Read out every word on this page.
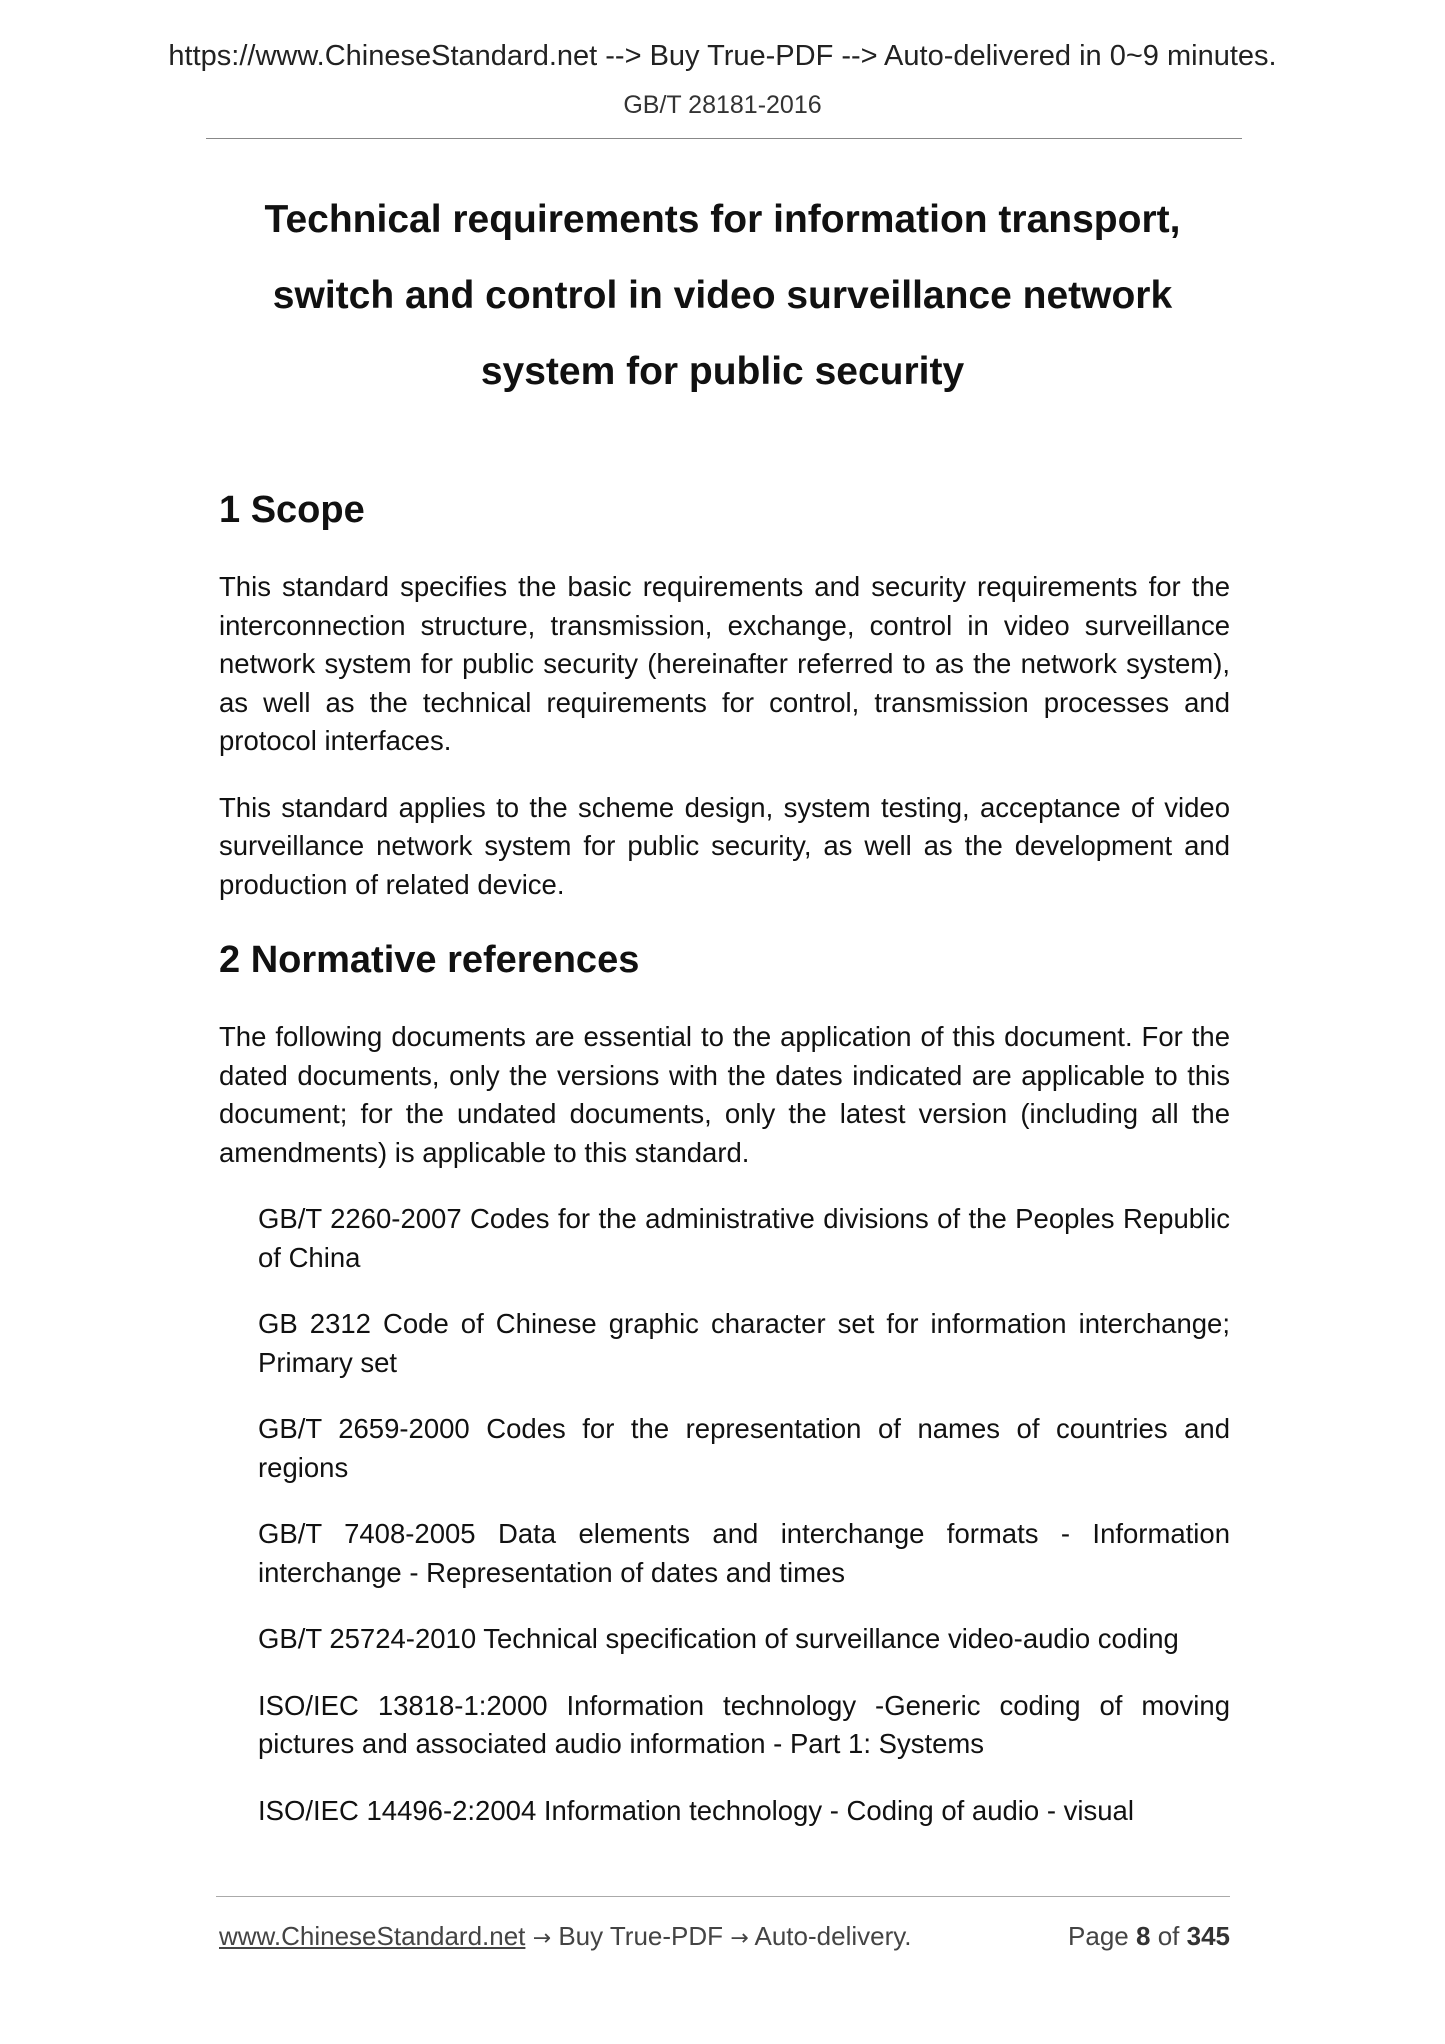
https://www.ChineseStandard.net --> Buy True-PDF --> Auto-delivered in 0~9 minutes.
GB/T 28181-2016
Technical requirements for information transport,
switch and control in video surveillance network
system for public security
1 Scope

This standard specifies the basic requirements and security requirements for the interconnection structure, transmission, exchange, control in video surveillance network system for public security (hereinafter referred to as the network system), as well as the technical requirements for control, transmission processes and protocol interfaces.

This standard applies to the scheme design, system testing, acceptance of video surveillance network system for public security, as well as the development and production of related device.

2 Normative references

The following documents are essential to the application of this document. For the dated documents, only the versions with the dates indicated are applicable to this document; for the undated documents, only the latest version (including all the amendments) is applicable to this standard.

GB/T 2260-2007 Codes for the administrative divisions of the Peoples Republic of China

GB 2312 Code of Chinese graphic character set for information interchange; Primary set

GB/T 2659-2000 Codes for the representation of names of countries and regions

GB/T 7408-2005 Data elements and interchange formats - Information interchange - Representation of dates and times

GB/T 25724-2010 Technical specification of surveillance video-audio coding

ISO/IEC 13818-1:2000 Information technology -Generic coding of moving pictures and associated audio information - Part 1: Systems

ISO/IEC 14496-2:2004 Information technology - Coding of audio - visual

www.ChineseStandard.net → Buy True-PDF → Auto-delivery.	Page 8 of 345
